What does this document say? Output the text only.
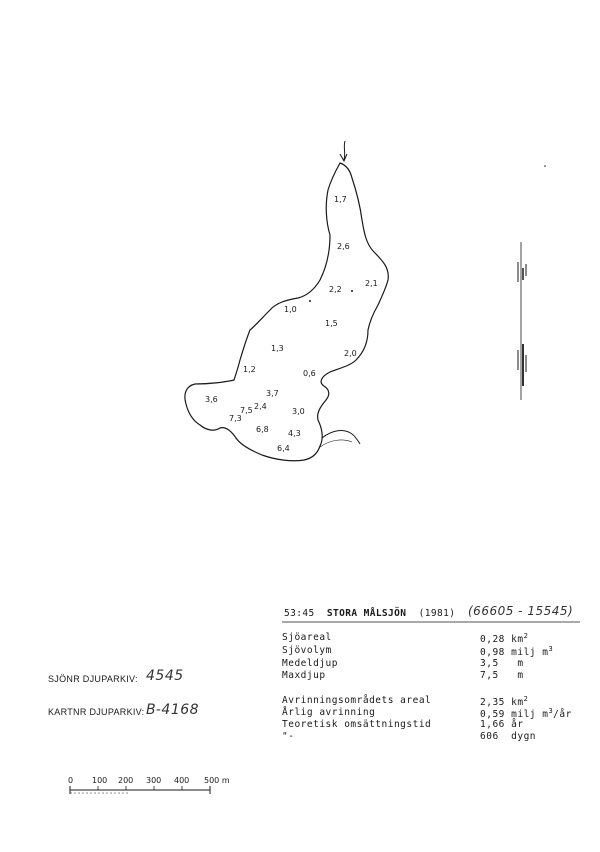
1,7
2,6
2,2
2,1
1,0
1,5
1,3
2,0
1,2	0,6
3,6
3,7
2,4
7,5
7,3
3,0
6,8 4,3
6,4
0 100 200 300 400 500 m
53:45 STORA MÅLSJÖN (1981) (66605 - 15545)
Sjöareal	0,28 $km^2$
Sjövolym	0,98 milj $m^3$
Medeldjup	3,5 m
Maxdjup	7,5 m
Avrinningsområdets areal	2,35 $km^2$
Årlig avrinning	0,59 milj $m^3/år$
Teoretisk omsättningstid	1,66 år
"-	606 dygn
SJÖNR DJUPARKIV: 4545
KARTNR DJUPARKIV: B-4168
